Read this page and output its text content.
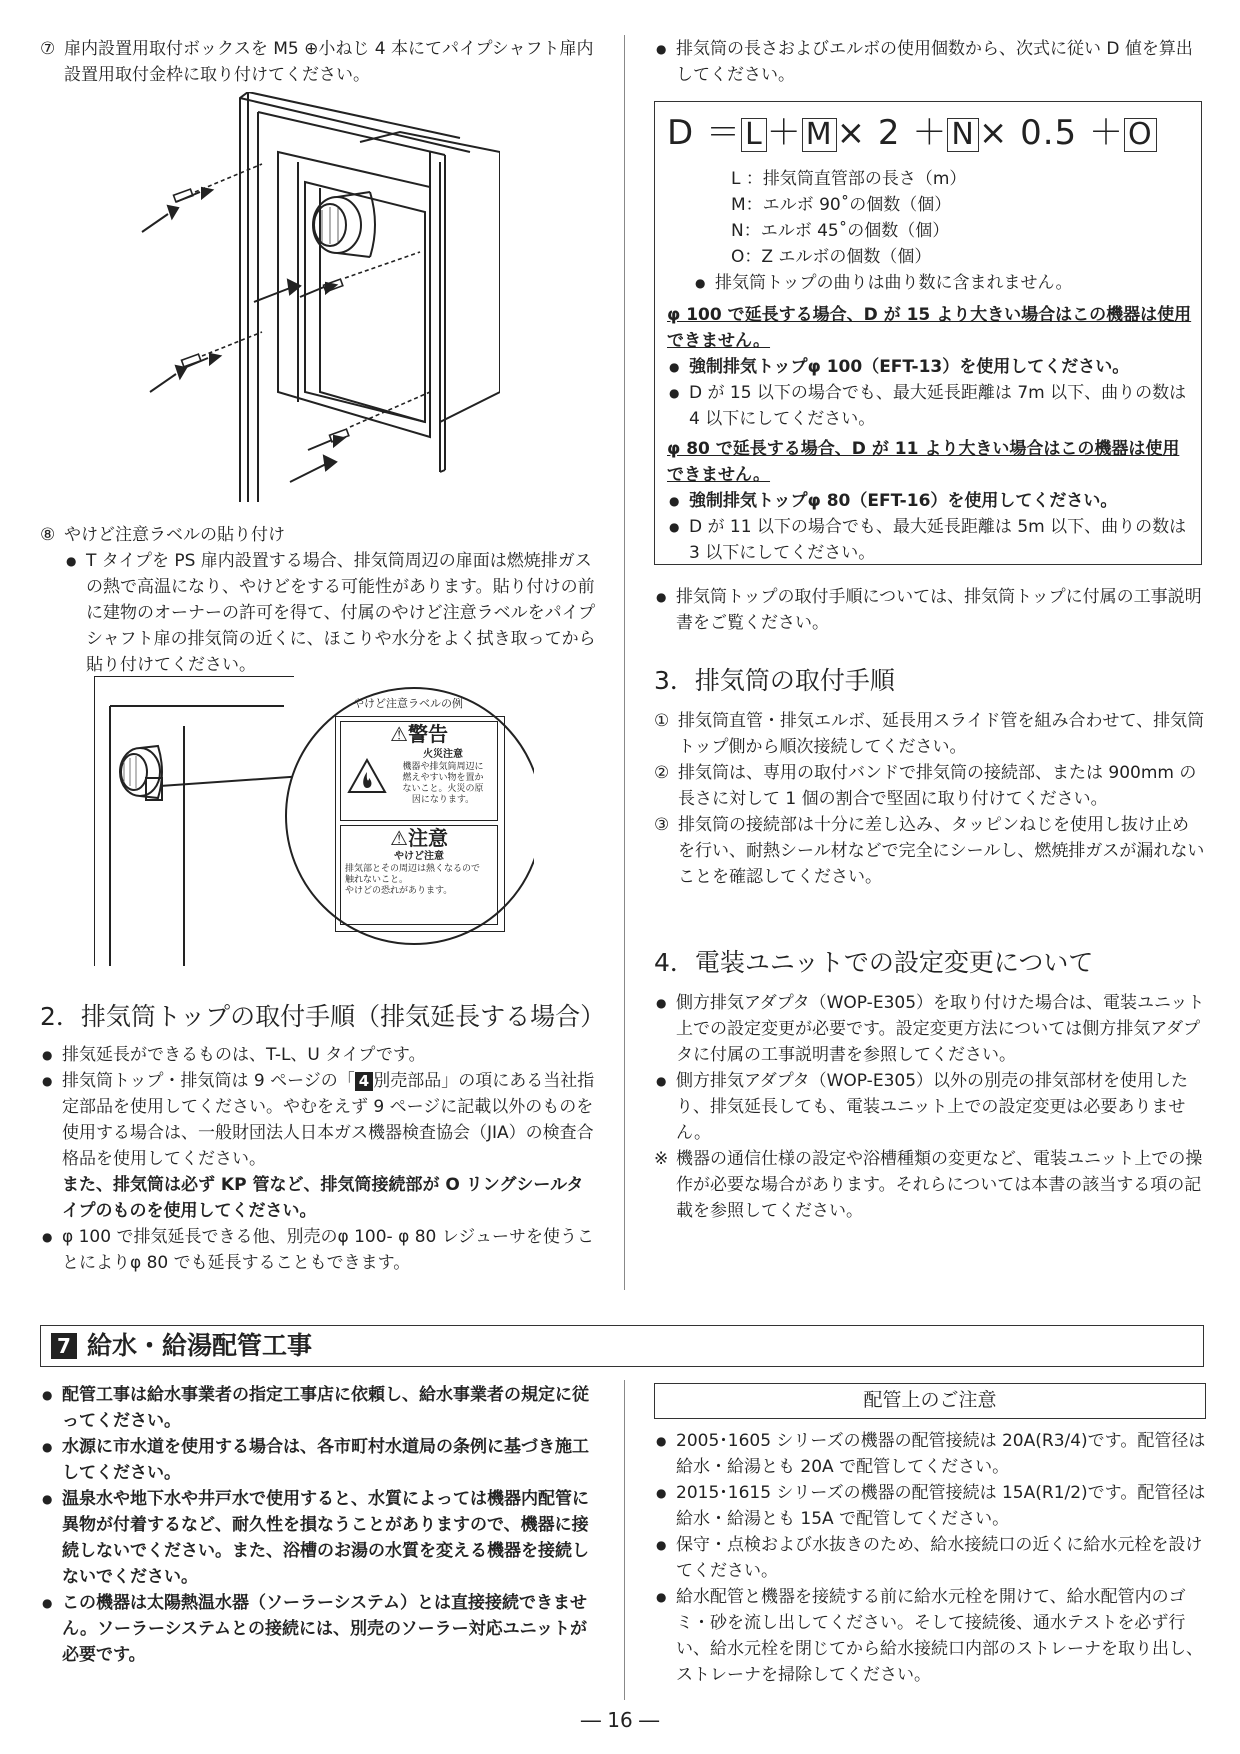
⑦ 扉内設置用取付ボックスを M5 ⊕小ねじ 4 本にてパイプシャフト扉内設置用取付金枠に取り付けてください。

⑧ やけど注意ラベルの貼り付け

● T タイプを PS 扉内設置する場合、排気筒周辺の扉面は燃焼排ガスの熱で高温になり、やけどをする可能性があります。貼り付けの前に建物のオーナーの許可を得て、付属のやけど注意ラベルをパイプシャフト扉の排気筒の近くに、ほこりや水分をよく拭き取ってから貼り付けてください。

やけど注意ラベルの例
⚠警告
火災注意
機器や排気筒周辺に
燃えやすい物を置か
ないこと。火災の原
因になります。
⚠注意
やけど注意
排気部とその周辺は熱くなるので
触れないこと。
やけどの恐れがあります。
2．排気筒トップの取付手順（排気延長する場合）

● 排気延長ができるものは、T-L、U タイプです。

● 排気筒トップ・排気筒は 9 ページの「 4 別売部品」の項にある当社指定部品を使用してください。やむをえず 9 ページに記載以外のものを使用する場合は、一般財団法人日本ガス機器検査協会（JIA）の検査合格品を使用してください。

また、排気筒は必ず KP 管など、排気筒接続部が O リングシールタイプのものを使用してください。

● φ 100 で排気延長できる他、別売のφ 100- φ 80 レジューサを使うことによりφ 80 でも延長することもできます。

● 排気筒の長さおよびエルボの使用個数から、次式に従い D 値を算出してください。

D ＝ L ＋ M × 2 ＋ N × 0.5 ＋ O

L ：排気筒直管部の長さ（m）

M：エルボ 90˚の個数（個）

N：エルボ 45˚の個数（個）

O：Z エルボの個数（個）

● 排気筒トップの曲りは曲り数に含まれません。

φ 100 で延長する場合、D が 15 より大きい場合はこの機器は使用できません。

● 強制排気トップφ 100（EFT-13）を使用してください。

● D が 15 以下の場合でも、最大延長距離は 7m 以下、曲りの数は 4 以下にしてください。

φ 80 で延長する場合、D が 11 より大きい場合はこの機器は使用できません。

● 強制排気トップφ 80（EFT-16）を使用してください。

● D が 11 以下の場合でも、最大延長距離は 5m 以下、曲りの数は 3 以下にしてください。

● 排気筒トップの取付手順については、排気筒トップに付属の工事説明書をご覧ください。

3．排気筒の取付手順

① 排気筒直管・排気エルボ、延長用スライド管を組み合わせて、排気筒トップ側から順次接続してください。

② 排気筒は、専用の取付バンドで排気筒の接続部、または 900mm の長さに対して 1 個の割合で堅固に取り付けてください。

③ 排気筒の接続部は十分に差し込み、タッピンねじを使用し抜け止めを行い、耐熱シール材などで完全にシールし、燃焼排ガスが漏れないことを確認してください。

4．電装ユニットでの設定変更について

● 側方排気アダプタ（WOP-E305）を取り付けた場合は、電装ユニット上での設定変更が必要です。設定変更方法については側方排気アダプタに付属の工事説明書を参照してください。

● 側方排気アダプタ（WOP-E305）以外の別売の排気部材を使用したり、排気延長しても、電装ユニット上での設定変更は必要ありません。

※ 機器の通信仕様の設定や浴槽種類の変更など、電装ユニット上での操作が必要な場合があります。それらについては本書の該当する項の記載を参照してください。

7 給水・給湯配管工事

● 配管工事は給水事業者の指定工事店に依頼し、給水事業者の規定に従ってください。

● 水源に市水道を使用する場合は、各市町村水道局の条例に基づき施工してください。

● 温泉水や地下水や井戸水で使用すると、水質によっては機器内配管に異物が付着するなど、耐久性を損なうことがありますので、機器に接続しないでください。また、浴槽のお湯の水質を変える機器を接続しないでください。

● この機器は太陽熱温水器（ソーラーシステム）とは直接接続できません。ソーラーシステムとの接続には、別売のソーラー対応ユニットが必要です。

配管上のご注意

● 2005･1605 シリーズの機器の配管接続は 20A(R3/4)です。配管径は給水・給湯とも 20A で配管してください。

● 2015･1615 シリーズの機器の配管接続は 15A(R1/2)です。配管径は給水・給湯とも 15A で配管してください。

● 保守・点検および水抜きのため、給水接続口の近くに給水元栓を設けてください。

● 給水配管と機器を接続する前に給水元栓を開けて、給水配管内のゴミ・砂を流し出してください。そして接続後、通水テストを必ず行い、給水元栓を閉じてから給水接続口内部のストレーナを取り出し、ストレーナを掃除してください。

― 16 ―
